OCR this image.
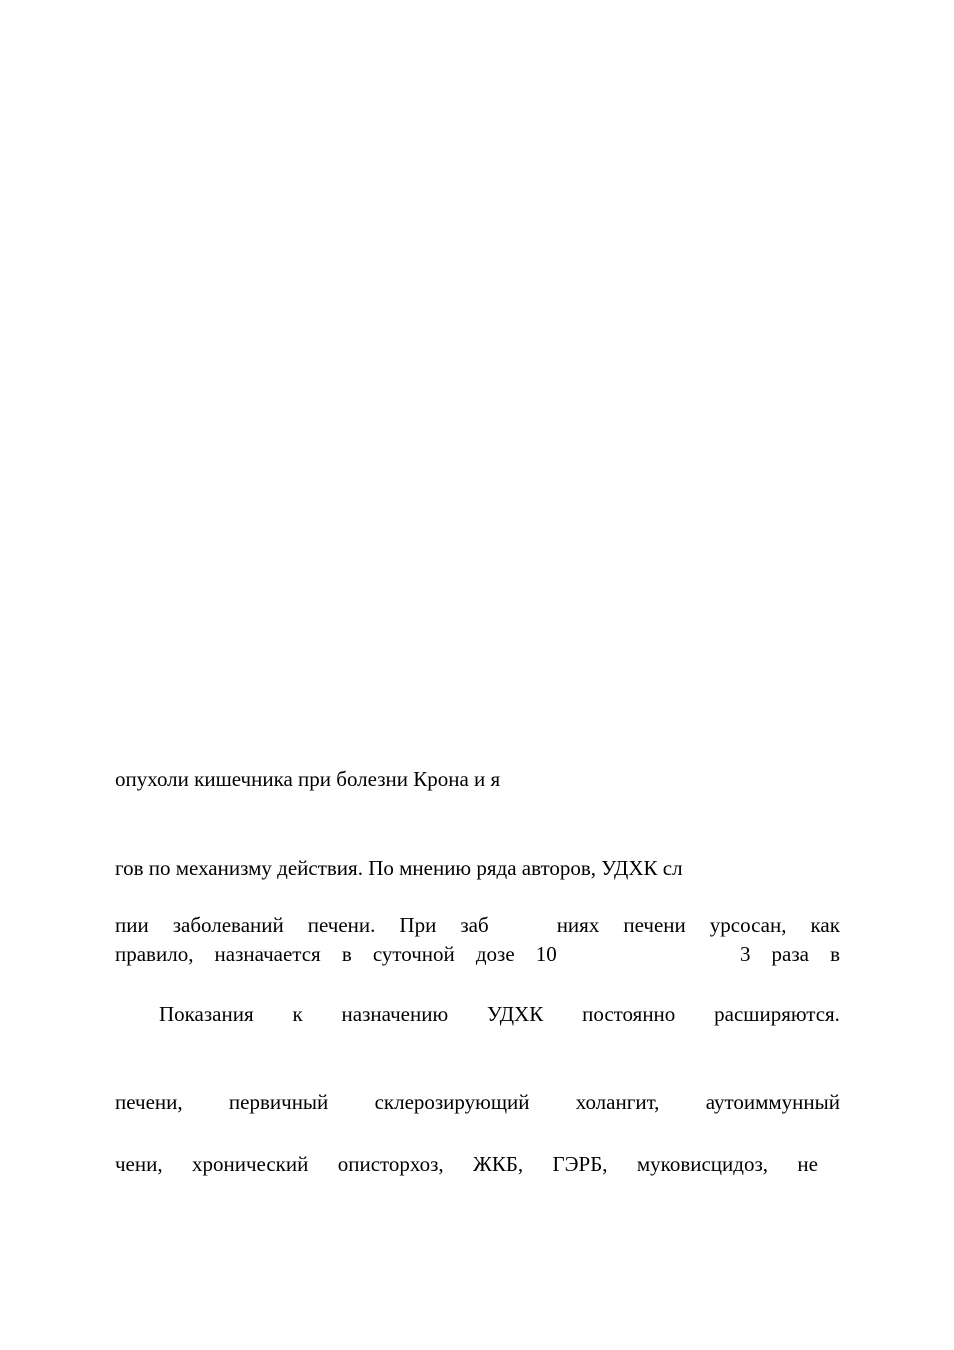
опухоли кишечника при болезни Крона и я
гов по механизму действия. По мнению ряда авторов, УДХК сл
пии заболеваний печени. При заб	ниях печени урсосан, как
правило, назначается в суточной дозе 10	3 раза в
Показания к назначению УДХК постоянно расширяются.
печени, первичный склерозирующий холангит, аутоиммунный
чени, хронический описторхоз, ЖКБ, ГЭРБ, муковисцидоз, не
